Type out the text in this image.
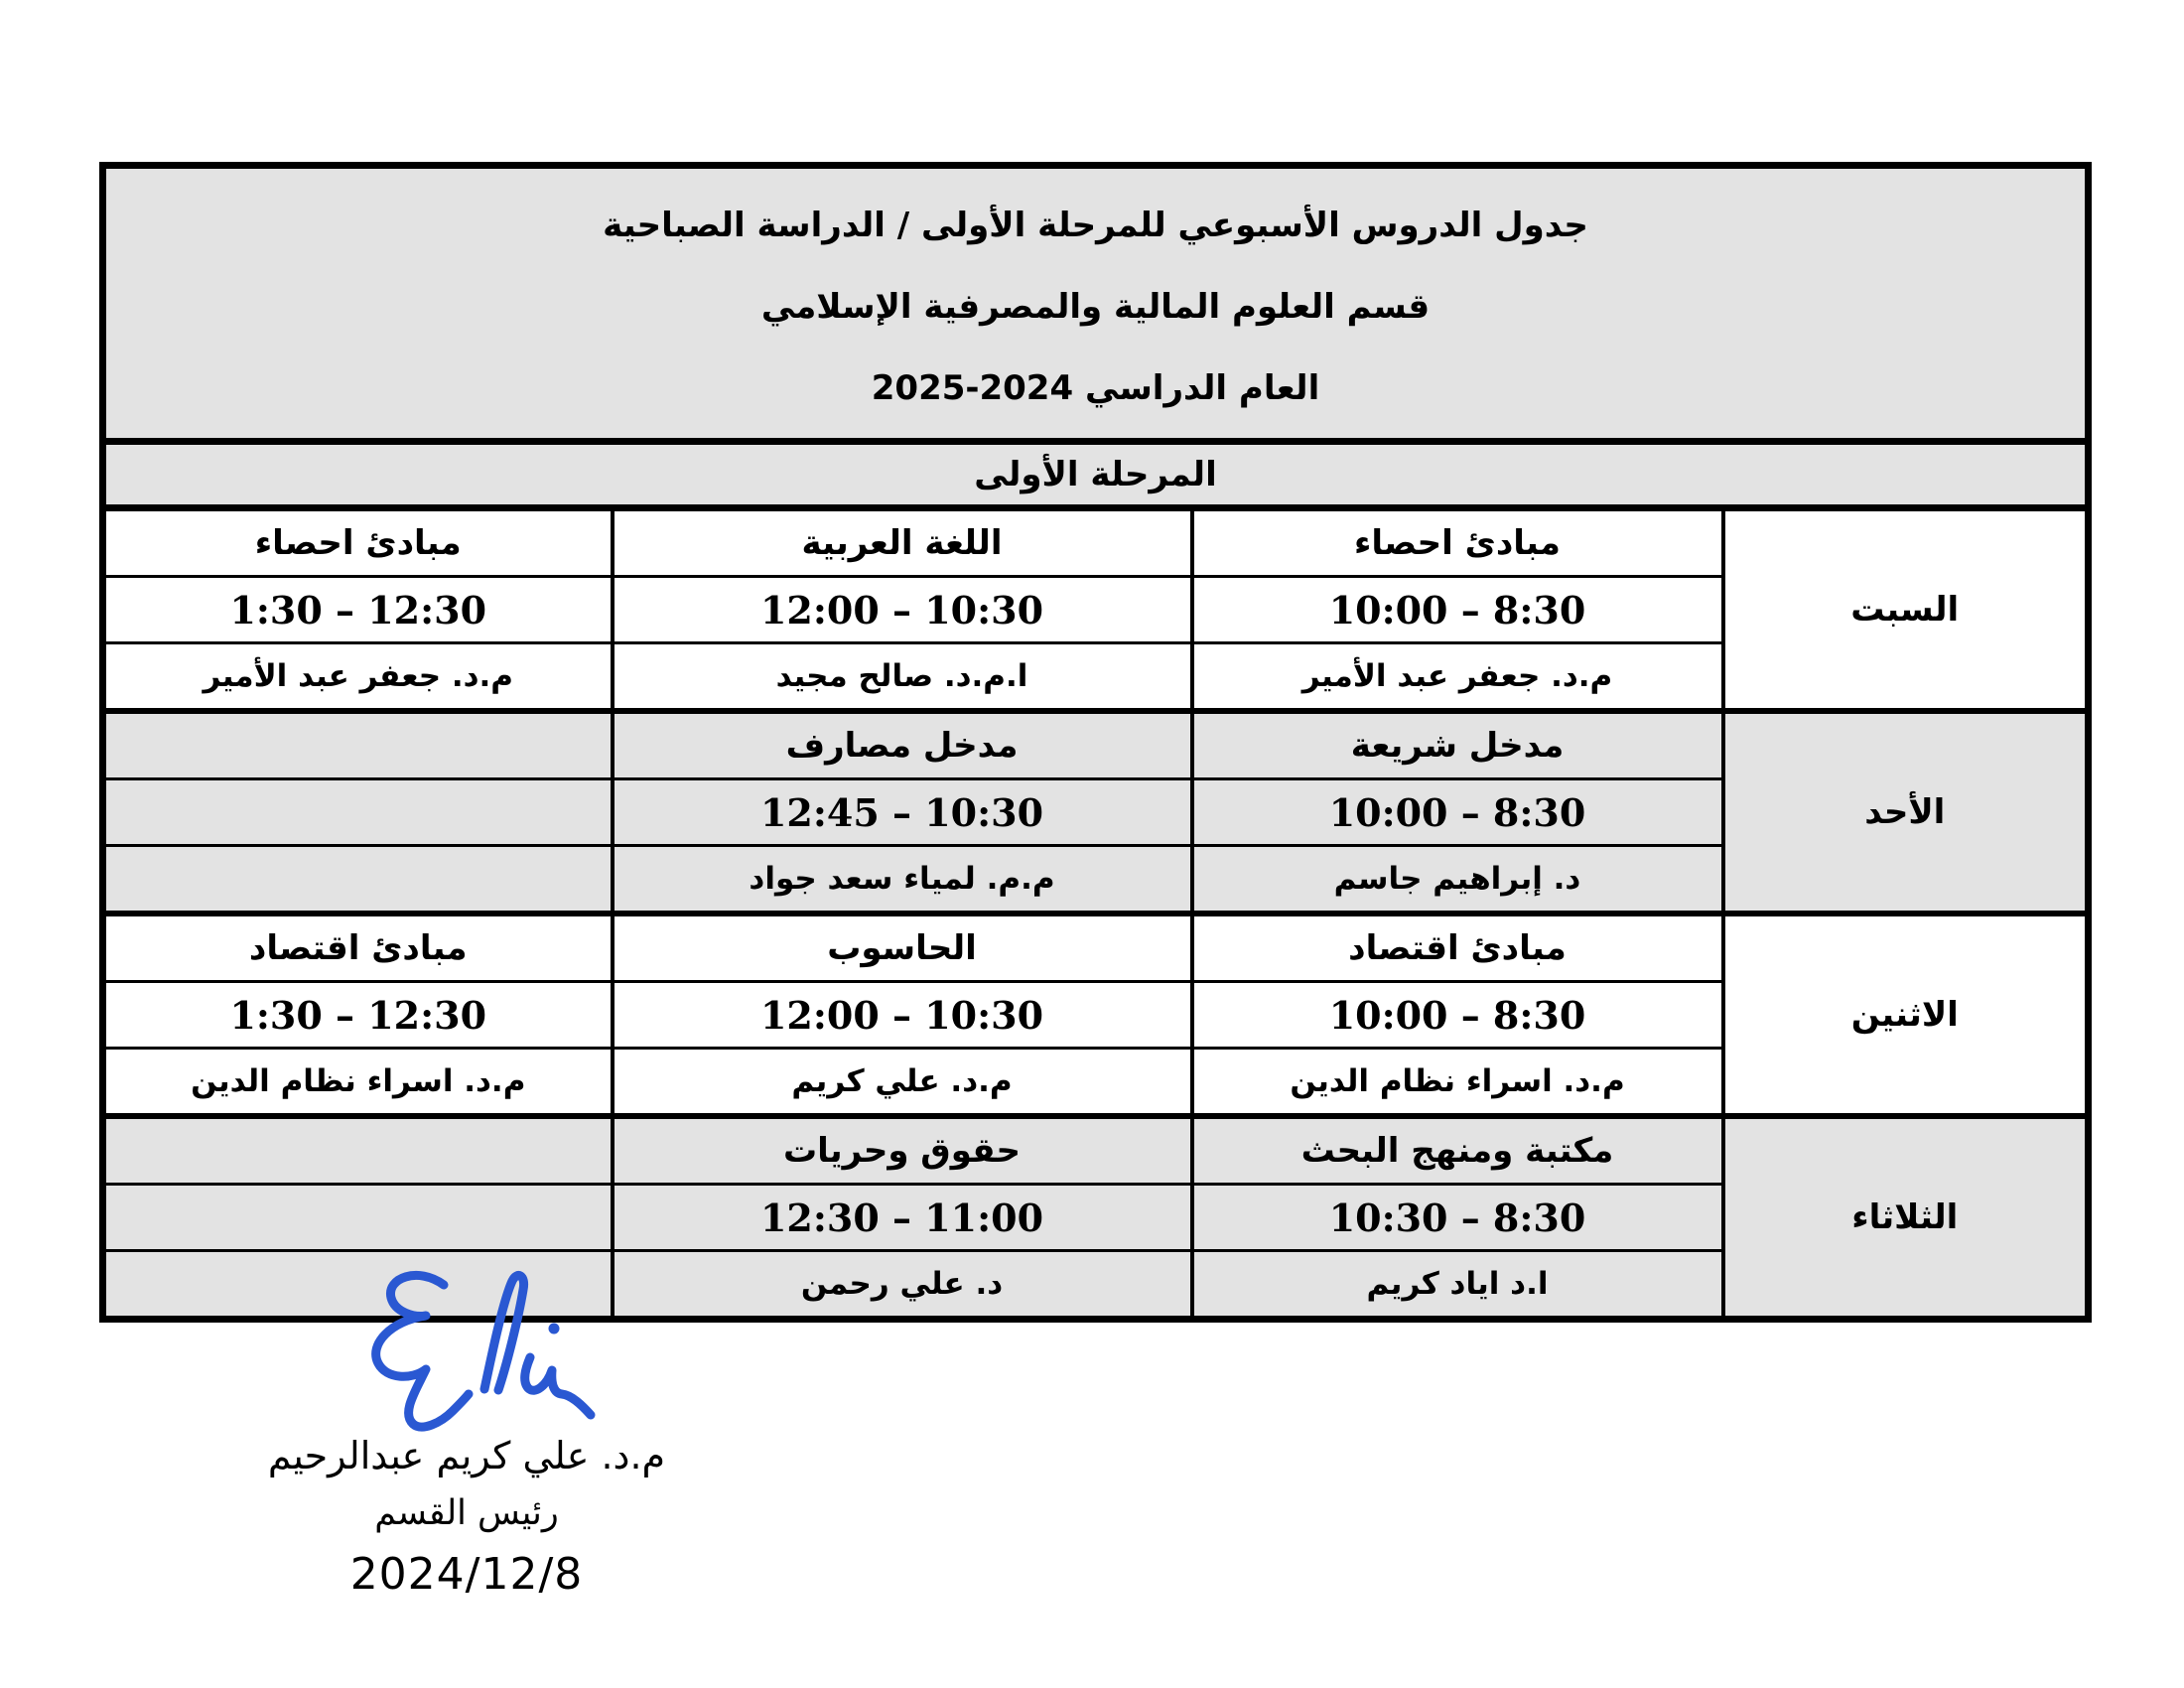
جدول الدروس الأسبوعي للمرحلة الأولى / الدراسة الصباحية
قسم العلوم المالية والمصرفية الإسلامي
العام الدراسي 2025-2024			

المرحلة الأولى			
السبت	مبادئ احصاء	اللغة العربية	مبادئ احصاء
	10:00 – 8:30	12:00 – 10:30	1:30 – 12:30
	م.د. جعفر عبد الأمير	ا.م.د. صالح مجيد	م.د. جعفر عبد الأمير
الأحد	مدخل شريعة	مدخل مصارف	
	10:00 – 8:30	12:45 – 10:30	
	د. إبراهيم جاسم	م.م. لمياء سعد جواد	
الاثنين	مبادئ اقتصاد	الحاسوب	مبادئ اقتصاد
	10:00 – 8:30	12:00 – 10:30	1:30 – 12:30
	م.د. اسراء نظام الدين	م.د. علي كريم	م.د. اسراء نظام الدين
الثلاثاء	مكتبة ومنهج البحث	حقوق وحريات	
	10:30 – 8:30	12:30 – 11:00	
	ا.د اياد كريم	د. علي رحمن	
م.د. علي كريم عبدالرحيم
رئيس القسم
2024/12/8
